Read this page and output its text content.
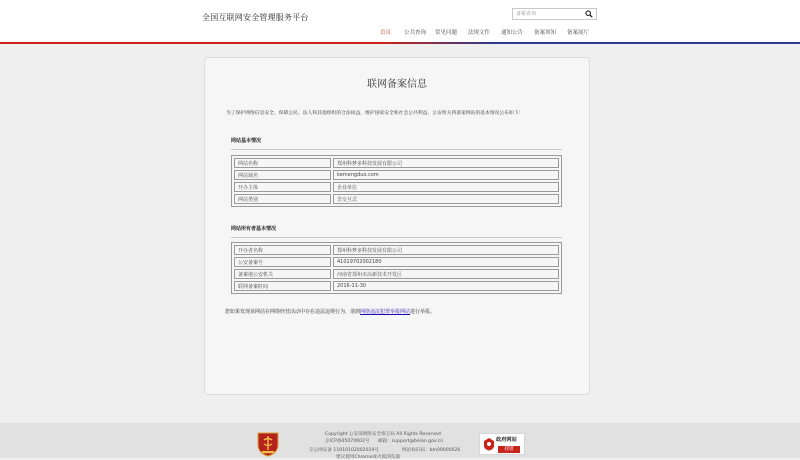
全国互联网安全管理服务平台
备案查询
首页 公共查询 常见问题 法规文件 通知公告 备案须知 备案展厅
联网备案信息
为了保护网络信息安全、保障公民、法人和其他组织的合法权益，维护国家安全和社会公共利益，公安机关将备案网站的基本情况公布如下：
网站基本情况
网站名称	郑州科梦多科技发展有限公司
网站域名	kemengduo.com
开办主体	企业单位
网站类别	非交互式
网站所有者基本情况
开办者名称	郑州科梦多科技发展有限公司
公安备案号	41019702002180
备案地公安机关	河南省郑州市高新技术开发区
联网备案时间	2016-11-30
您如果发现该网站在网络经营活动中存在违法违规行为，请到网络违法犯罪举报网站进行举报。
Copyright 公安部网络安全保卫局 All Rights Reserved
京ICP备05070602号 邮箱：support@beian.gov.cn
京公网安备 11010102002019号	网站标识码：bm09000026
建议使用Chrome或火狐浏览器
政府网站
找错
